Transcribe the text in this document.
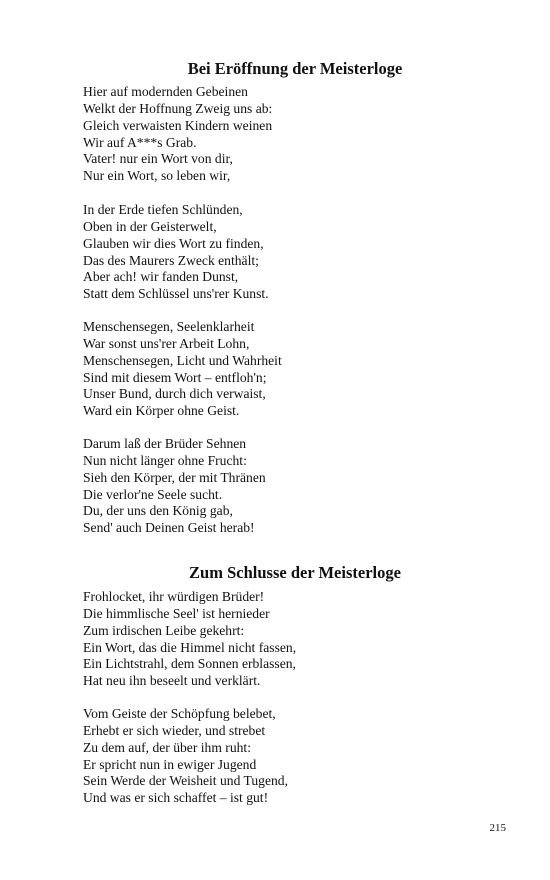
Bei Eröffnung der Meisterloge
Hier auf modernden Gebeinen
Welkt der Hoffnung Zweig uns ab:
Gleich verwaisten Kindern weinen
Wir auf A***s Grab.
Vater! nur ein Wort von dir,
Nur ein Wort, so leben wir,
In der Erde tiefen Schlünden,
Oben in der Geisterwelt,
Glauben wir dies Wort zu finden,
Das des Maurers Zweck enthält;
Aber ach! wir fanden Dunst,
Statt dem Schlüssel uns'rer Kunst.
Menschensegen, Seelenklarheit
War sonst uns'rer Arbeit Lohn,
Menschensegen, Licht und Wahrheit
Sind mit diesem Wort – entfloh'n;
Unser Bund, durch dich verwaist,
Ward ein Körper ohne Geist.
Darum laß der Brüder Sehnen
Nun nicht länger ohne Frucht:
Sieh den Körper, der mit Thränen
Die verlor'ne Seele sucht.
Du, der uns den König gab,
Send' auch Deinen Geist herab!
Zum Schlusse der Meisterloge
Frohlocket, ihr würdigen Brüder!
Die himmlische Seel' ist hernieder
Zum irdischen Leibe gekehrt:
Ein Wort, das die Himmel nicht fassen,
Ein Lichtstrahl, dem Sonnen erblassen,
Hat neu ihn beseelt und verklärt.
Vom Geiste der Schöpfung belebet,
Erhebt er sich wieder, und strebet
Zu dem auf, der über ihm ruht:
Er spricht nun in ewiger Jugend
Sein Werde der Weisheit und Tugend,
Und was er sich schaffet – ist gut!
215
